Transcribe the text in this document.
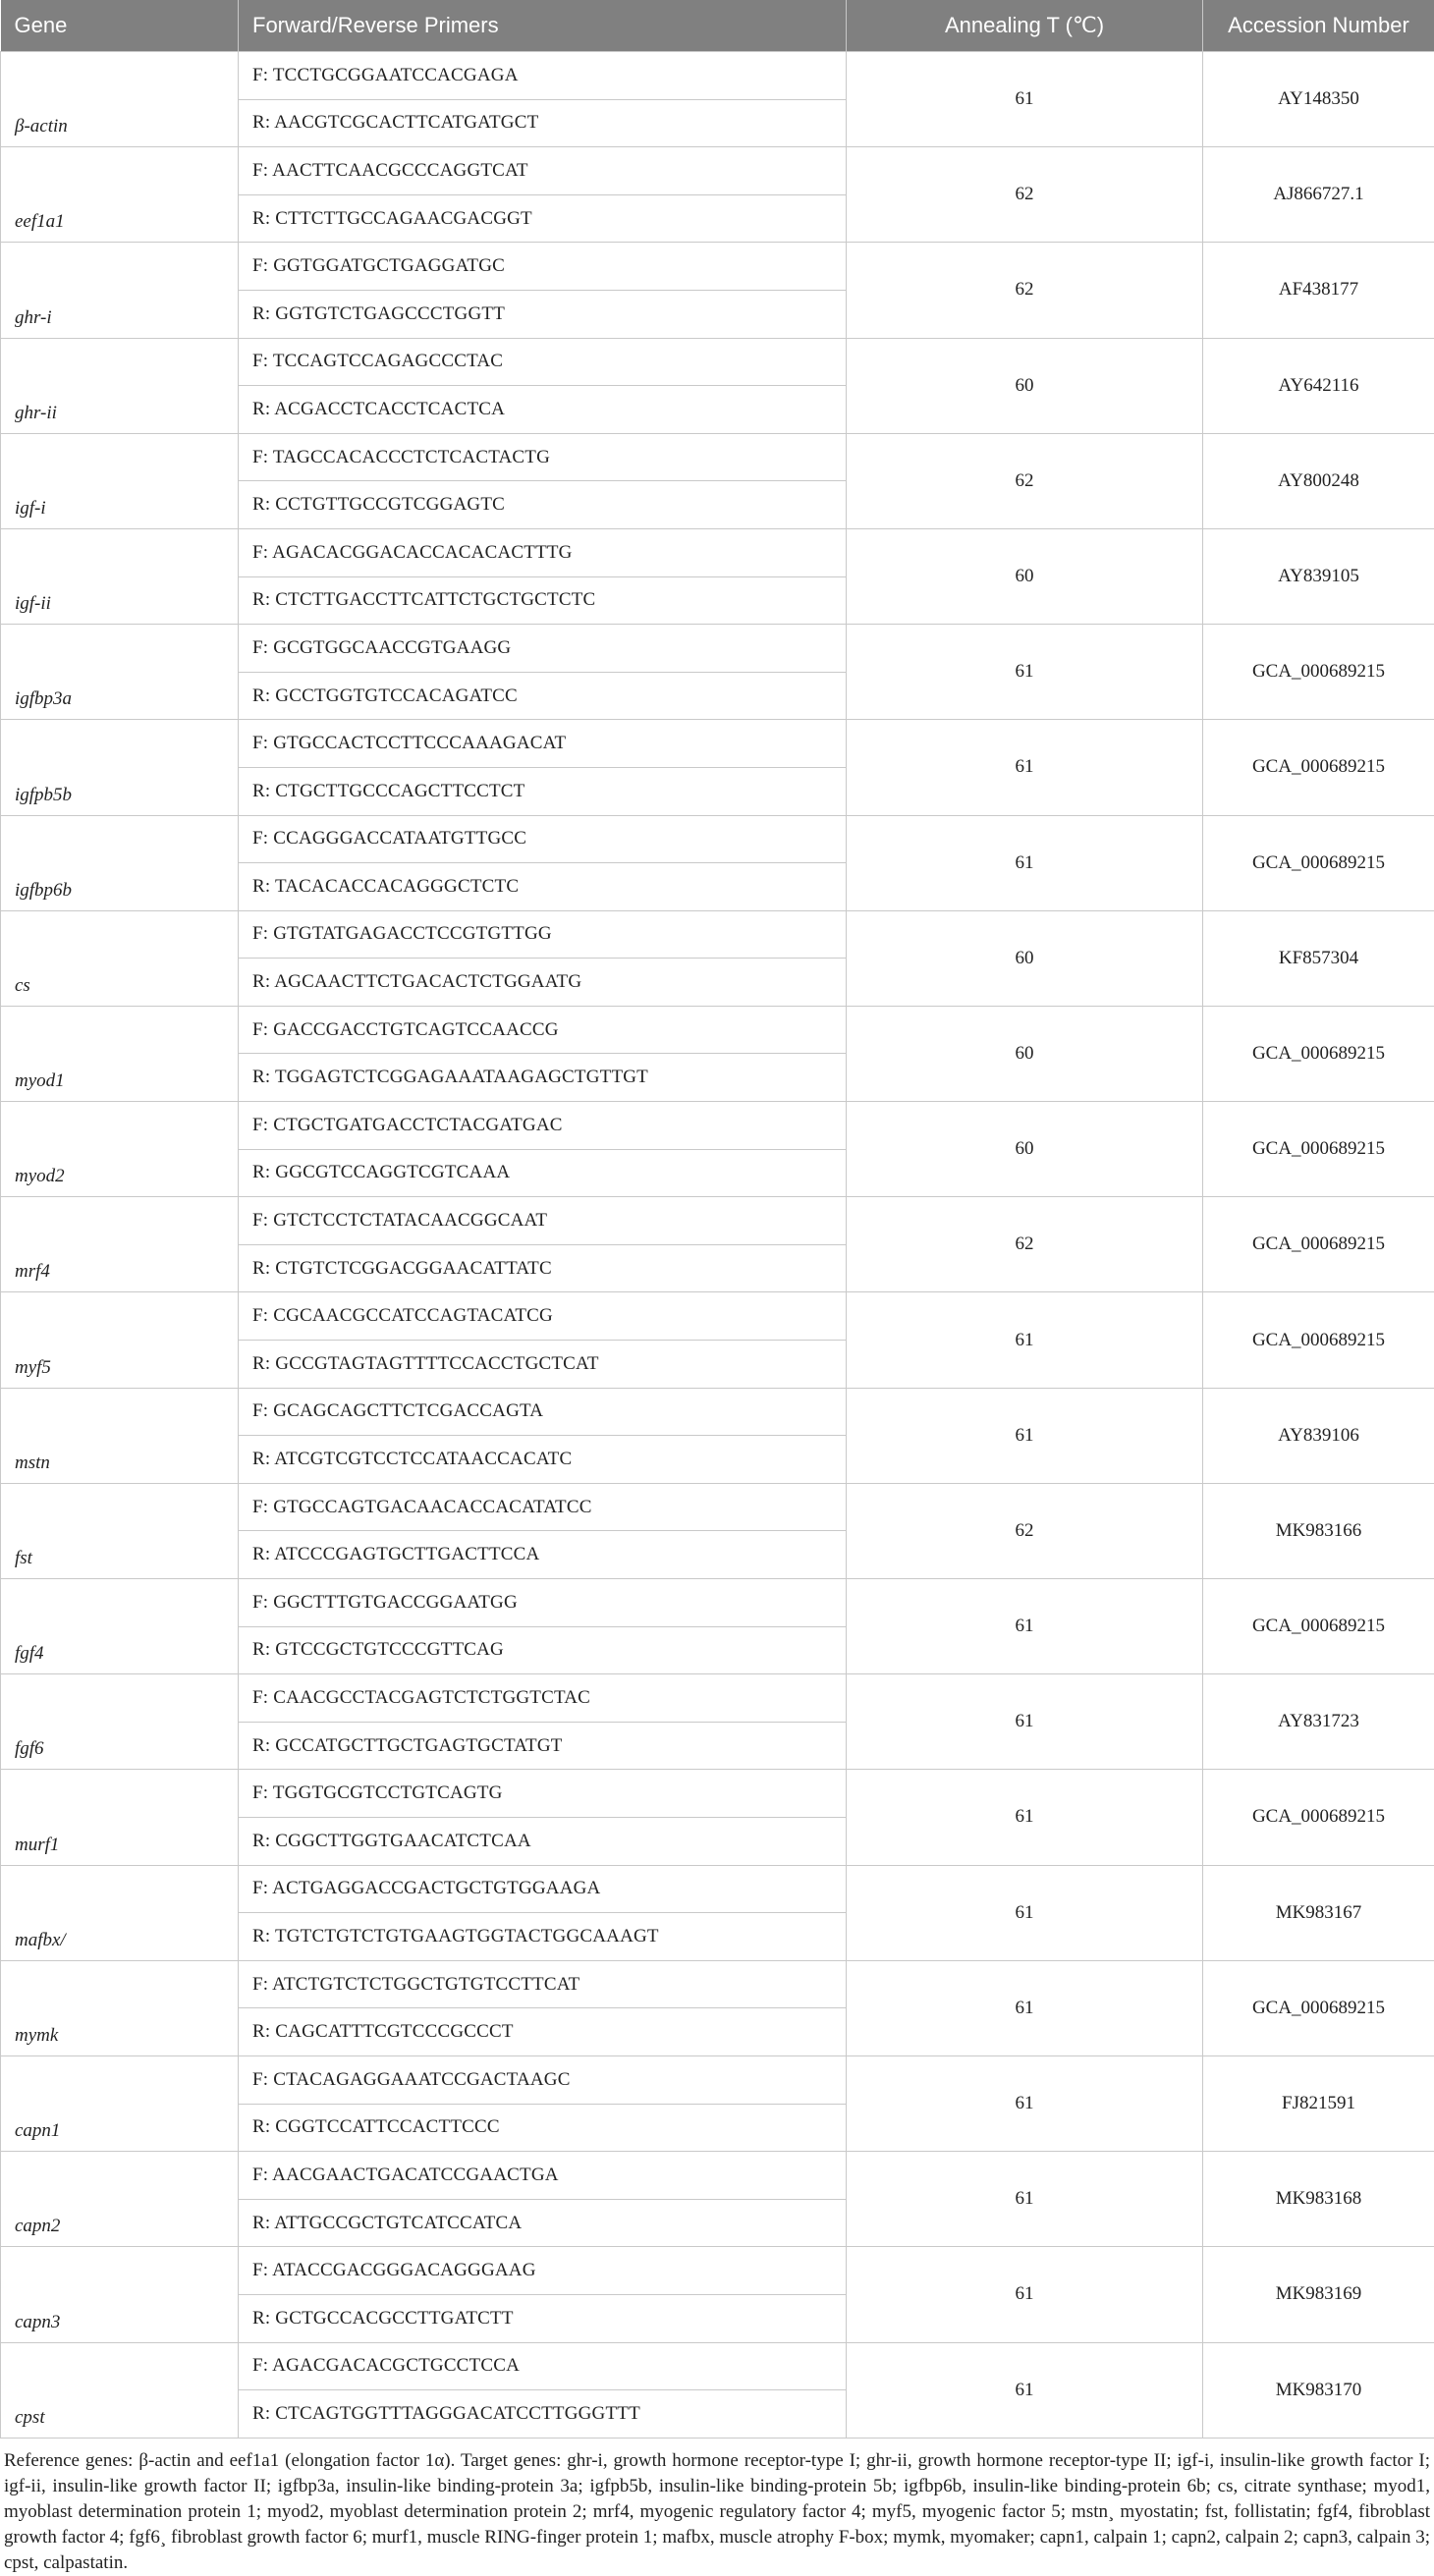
Gene	Forward/Reverse Primers	Annealing T (℃)	Accession Number
β-actin	F: TCCTGCGGAATCCACGAGA	61	AY148350
	R: AACGTCGCACTTCATGATGCT		
eef1a1	F: AACTTCAACGCCCAGGTCAT	62	AJ866727.1
	R: CTTCTTGCCAGAACGACGGT		
ghr-i	F: GGTGGATGCTGAGGATGC	62	AF438177
	R: GGTGTCTGAGCCCTGGTT		
ghr-ii	F: TCCAGTCCAGAGCCCTAC	60	AY642116
	R: ACGACCTCACCTCACTCA		
igf-i	F: TAGCCACACCCTCTCACTACTG	62	AY800248
	R: CCTGTTGCCGTCGGAGTC		
igf-ii	F: AGACACGGACACCACACACTTTG	60	AY839105
	R: CTCTTGACCTTCATTCTGCTGCTCTC		
igfbp3a	F: GCGTGGCAACCGTGAAGG	61	GCA_000689215
	R: GCCTGGTGTCCACAGATCC		
igfpb5b	F: GTGCCACTCCTTCCCAAAGACAT	61	GCA_000689215
	R: CTGCTTGCCCAGCTTCCTCT		
igfbp6b	F: CCAGGGACCATAATGTTGCC	61	GCA_000689215
	R: TACACACCACAGGGCTCTC		
cs	F: GTGTATGAGACCTCCGTGTTGG	60	KF857304
	R: AGCAACTTCTGACACTCTGGAATG		
myod1	F: GACCGACCTGTCAGTCCAACCG	60	GCA_000689215
	R: TGGAGTCTCGGAGAAATAAGAGCTGTTGT		
myod2	F: CTGCTGATGACCTCTACGATGAC	60	GCA_000689215
	R: GGCGTCCAGGTCGTCAAA		
mrf4	F: GTCTCCTCTATACAACGGCAAT	62	GCA_000689215
	R: CTGTCTCGGACGGAACATTATC		
myf5	F: CGCAACGCCATCCAGTACATCG	61	GCA_000689215
	R: GCCGTAGTAGTTTTCCACCTGCTCAT		
mstn	F: GCAGCAGCTTCTCGACCAGTA	61	AY839106
	R: ATCGTCGTCCTCCATAACCACATC		
fst	F: GTGCCAGTGACAACACCACATATCC	62	MK983166
	R: ATCCCGAGTGCTTGACTTCCA		
fgf4	F: GGCTTTGTGACCGGAATGG	61	GCA_000689215
	R: GTCCGCTGTCCCGTTCAG		
fgf6	F: CAACGCCTACGAGTCTCTGGTCTAC	61	AY831723
	R: GCCATGCTTGCTGAGTGCTATGT		
murf1	F: TGGTGCGTCCTGTCAGTG	61	GCA_000689215
	R: CGGCTTGGTGAACATCTCAA		
mafbx/	F: ACTGAGGACCGACTGCTGTGGAAGA	61	MK983167
	R: TGTCTGTCTGTGAAGTGGTACTGGCAAAGT		
mymk	F: ATCTGTCTCTGGCTGTGTCCTTCAT	61	GCA_000689215
	R: CAGCATTTCGTCCCGCCCT		
capn1	F: CTACAGAGGAAATCCGACTAAGC	61	FJ821591
	R: CGGTCCATTCCACTTCCC		
capn2	F: AACGAACTGACATCCGAACTGA	61	MK983168
	R: ATTGCCGCTGTCATCCATCA		
capn3	F: ATACCGACGGGACAGGGAAG	61	MK983169
	R: GCTGCCACGCCTTGATCTT		
cpst	F: AGACGACACGCTGCCTCCA	61	MK983170
	R: CTCAGTGGTTTAGGGACATCCTTGGGTTT		
Reference genes: β-actin and eef1a1 (elongation factor 1α). Target genes: ghr-i, growth hormone receptor-type I; ghr-ii, growth hormone receptor-type II; igf-i, insulin-like growth factor I; igf-ii, insulin-like growth factor II; igfbp3a, insulin-like binding-protein 3a; igfpb5b, insulin-like binding-protein 5b; igfbp6b, insulin-like binding-protein 6b; cs, citrate synthase; myod1, myoblast determination protein 1; myod2, myoblast determination protein 2; mrf4, myogenic regulatory factor 4; myf5, myogenic factor 5; mstn¸ myostatin; fst, follistatin; fgf4, fibroblast growth factor 4; fgf6¸ fibroblast growth factor 6; murf1, muscle RING-finger protein 1; mafbx, muscle atrophy F-box; mymk, myomaker; capn1, calpain 1; capn2, calpain 2; capn3, calpain 3; cpst, calpastatin.
